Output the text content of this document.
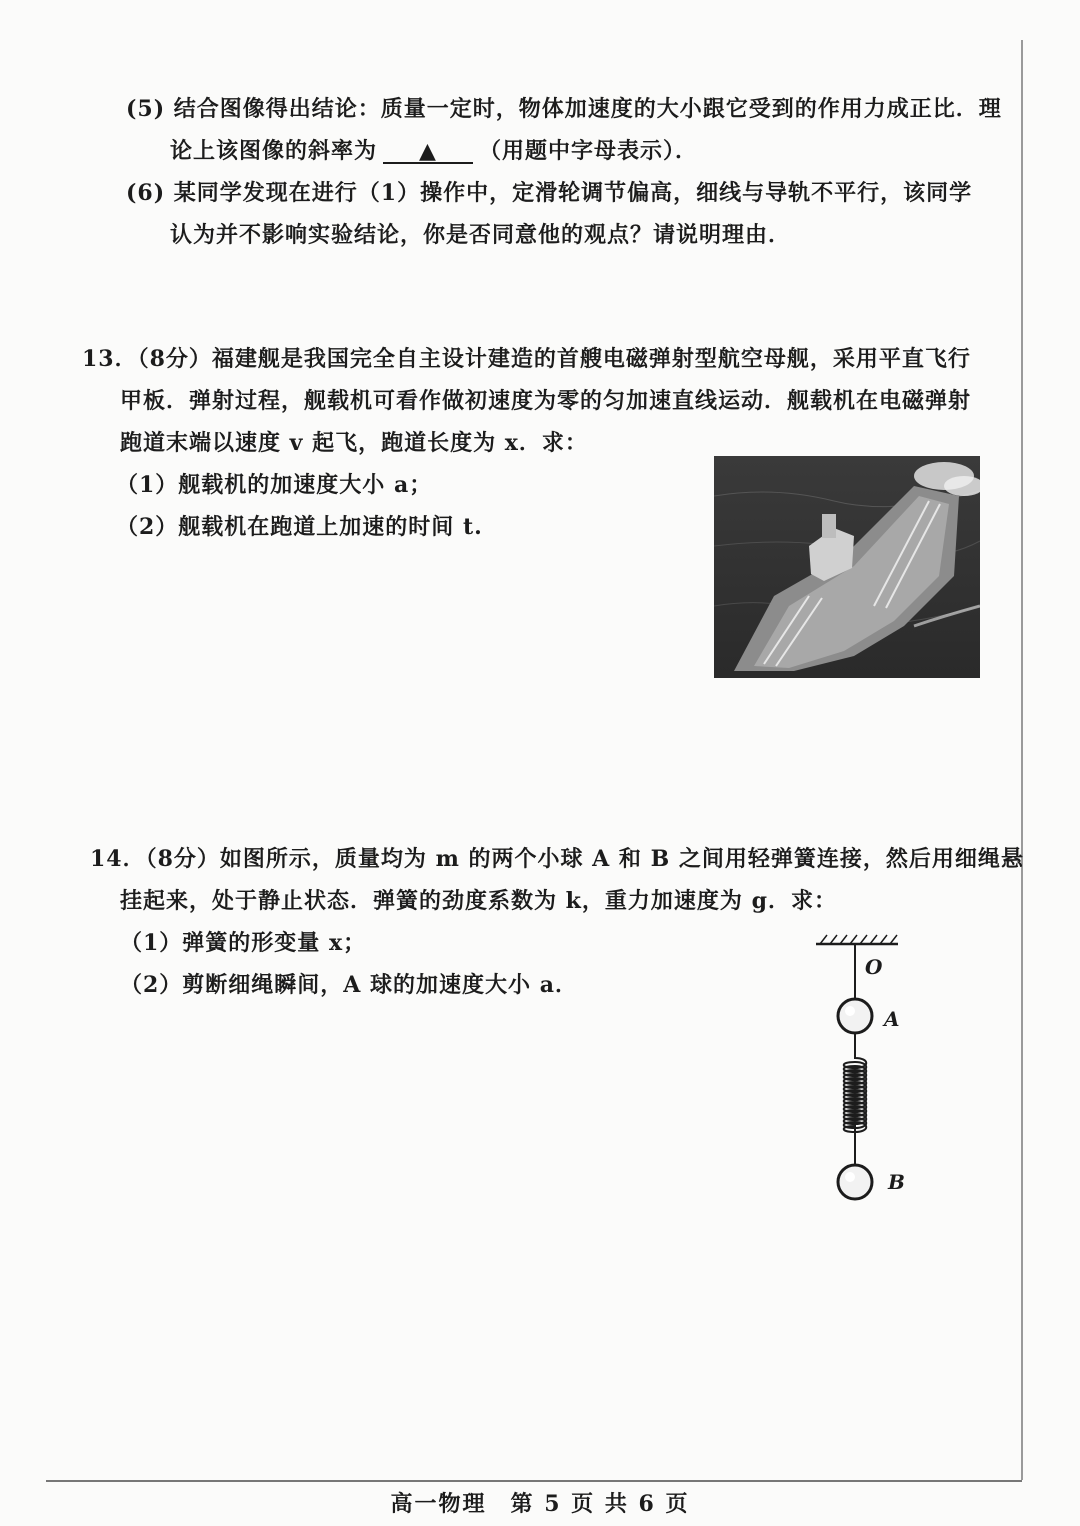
(5) 结合图像得出结论：质量一定时，物体加速度的大小跟它受到的作用力成正比．理
论上该图像的斜率为 ▲ （用题中字母表示）．
(6) 某同学发现在进行（1）操作中，定滑轮调节偏高，细线与导轨不平行，该同学
认为并不影响实验结论，你是否同意他的观点？请说明理由．
13．（8分）福建舰是我国完全自主设计建造的首艘电磁弹射型航空母舰，采用平直飞行
甲板．弹射过程，舰载机可看作做初速度为零的匀加速直线运动．舰载机在电磁弹射
跑道末端以速度 v 起飞，跑道长度为 x．求：
（1）舰载机的加速度大小 a；
（2）舰载机在跑道上加速的时间 t.
14．（8分）如图所示，质量均为 m 的两个小球 A 和 B 之间用轻弹簧连接，然后用细绳悬
挂起来，处于静止状态．弹簧的劲度系数为 k，重力加速度为 g．求：
（1）弹簧的形变量 x；
（2）剪断细绳瞬间，A 球的加速度大小 a．
O
A
B
高一物理　第 5 页 共 6 页
